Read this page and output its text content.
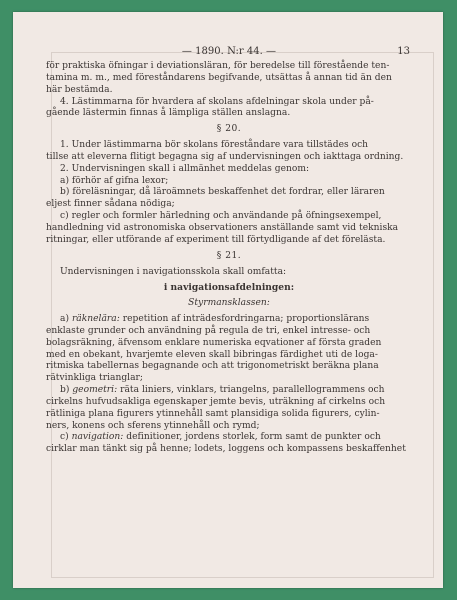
— 1890. N:r 44. —	13

för praktiska öfningar i deviationsläran, för beredelse till förestående ten-

tamina m. m., med föreståndarens begifvande, utsättas å annan tid än den

här bestämda.

4. Lästimmarna för hvardera af skolans afdelningar skola under på-

gående lästermin finnas å lämpliga ställen anslagna.

§ 20.

1. Under lästimmarna bör skolans föreståndare vara tillstädes och

tillse att eleverna flitigt begagna sig af undervisningen och iakttaga ordning.

2. Undervisningen skall i allmänhet meddelas genom:

a) förhör af gifna lexor;

b) föreläsningar, då läroämnets beskaffenhet det fordrar, eller läraren

eljest finner sådana nödiga;

c) regler och formler härledning och användande på öfningsexempel,

handledning vid astronomiska observationers anställande samt vid tekniska

ritningar, eller utförande af experiment till förtydligande af det förelästa.

§ 21.

Undervisningen i navigationsskola skall omfatta:

i navigationsafdelningen:

Styrmansklassen:

a) räknelära: repetition af inträdesfordringarna; proportionslärans

enklaste grunder och användning på regula de tri, enkel intresse- och

bolagsräkning, äfvensom enklare numeriska eqvationer af första graden

med en obekant, hvarjemte eleven skall bibringas färdighet uti de loga-

ritmiska tabellernas begagnande och att trigonometriskt beräkna plana

rätvinkliga trianglar;

b) geometri: räta liniers, vinklars, triangelns, parallellogrammens och

cirkelns hufvudsakliga egenskaper jemte bevis, uträkning af cirkelns och

rätliniga plana figurers ytinnehåll samt plansidiga solida figurers, cylin-

ners, konens och sferens ytinnehåll och rymd;

c) navigation: definitioner, jordens storlek, form samt de punkter och

cirklar man tänkt sig på henne; lodets, loggens och kompassens beskaffenhet
